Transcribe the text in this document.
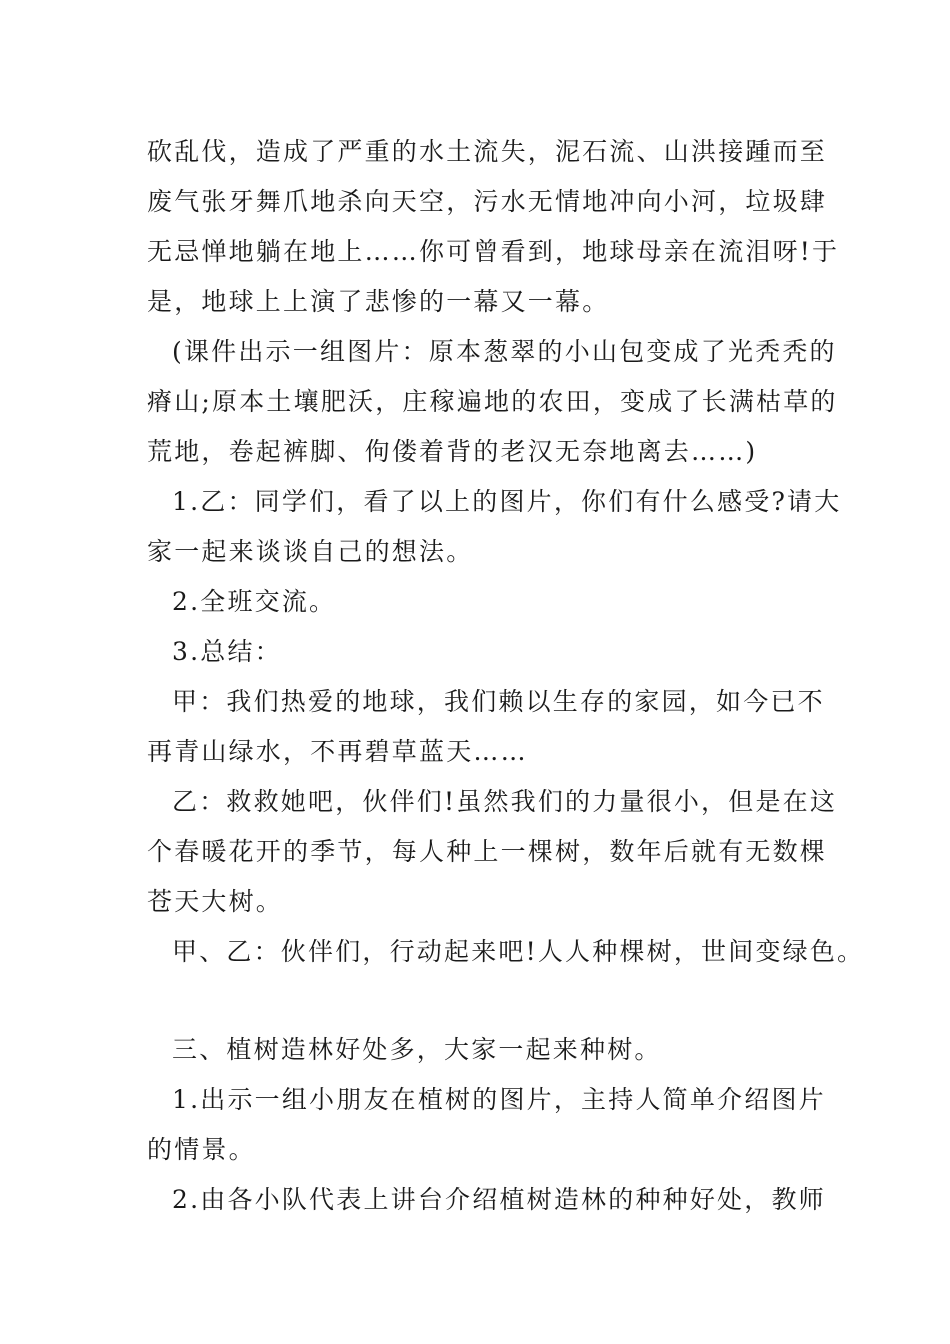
砍乱伐，造成了严重的水土流失，泥石流、山洪接踵而至
废气张牙舞爪地杀向天空，污水无情地冲向小河，垃圾肆
无忌惮地躺在地上……你可曾看到，地球母亲在流泪呀!于
是，地球上上演了悲惨的一幕又一幕。
(课件出示一组图片：原本葱翠的小山包变成了光秃秃的
瘠山;原本土壤肥沃，庄稼遍地的农田，变成了长满枯草的
荒地，卷起裤脚、佝偻着背的老汉无奈地离去……)
1.乙：同学们，看了以上的图片，你们有什么感受?请大
家一起来谈谈自己的想法。
2.全班交流。
3.总结：
甲：我们热爱的地球，我们赖以生存的家园，如今已不
再青山绿水，不再碧草蓝天……
乙：救救她吧，伙伴们!虽然我们的力量很小，但是在这
个春暖花开的季节，每人种上一棵树，数年后就有无数棵
苍天大树。
甲、乙：伙伴们，行动起来吧!人人种棵树，世间变绿色。
三、植树造林好处多，大家一起来种树。
1.出示一组小朋友在植树的图片，主持人简单介绍图片
的情景。
2.由各小队代表上讲台介绍植树造林的种种好处，教师
